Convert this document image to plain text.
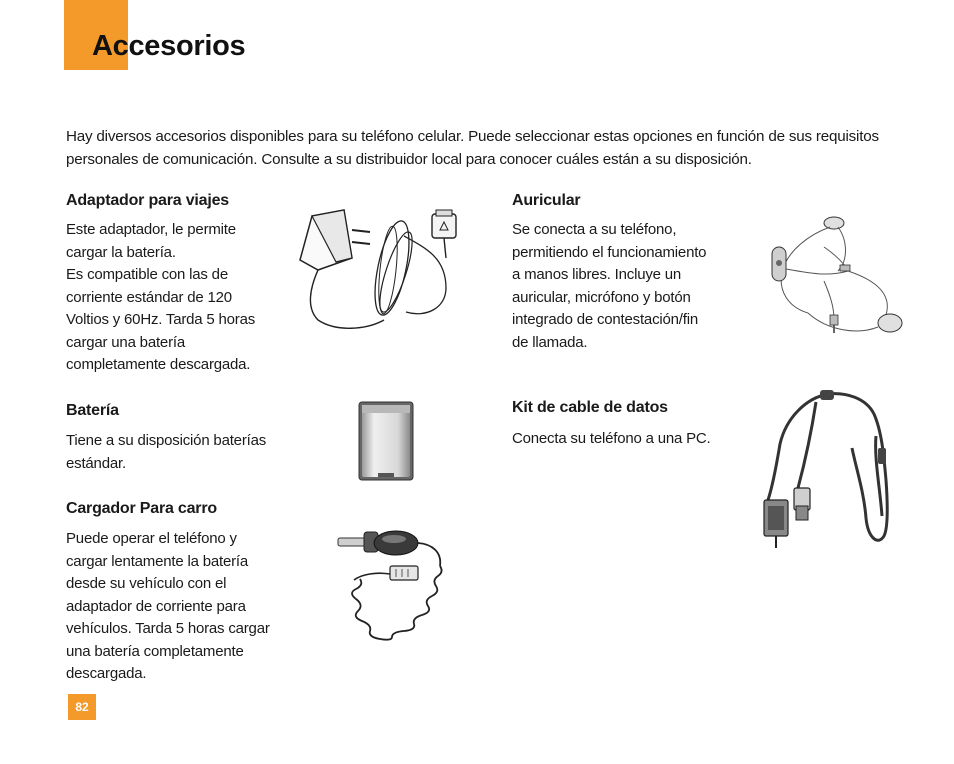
Accesorios

Hay diversos accesorios disponibles para su teléfono celular. Puede seleccionar estas opciones en función de sus requisitos personales de comunicación. Consulte a su distribuidor local para conocer cuáles están a su disposición.

Adaptador para viajes

Este adaptador, le permite
cargar la batería.
Es compatible con las de
corriente estándar de 120
Voltios y 60Hz. Tarda 5 horas
cargar una batería
completamente descargada.

Batería

Tiene a su disposición baterías
estándar.

Cargador Para carro

Puede operar el teléfono y
cargar lentamente la batería
desde su vehículo con el
adaptador de corriente para
vehículos. Tarda 5 horas cargar
una batería completamente
descargada.

Auricular

Se conecta a su teléfono,
permitiendo el funcionamiento
a manos libres. Incluye un
auricular, micrófono y botón
integrado de contestación/fin
de llamada.

Kit de cable de datos

Conecta su teléfono a una PC.

82
